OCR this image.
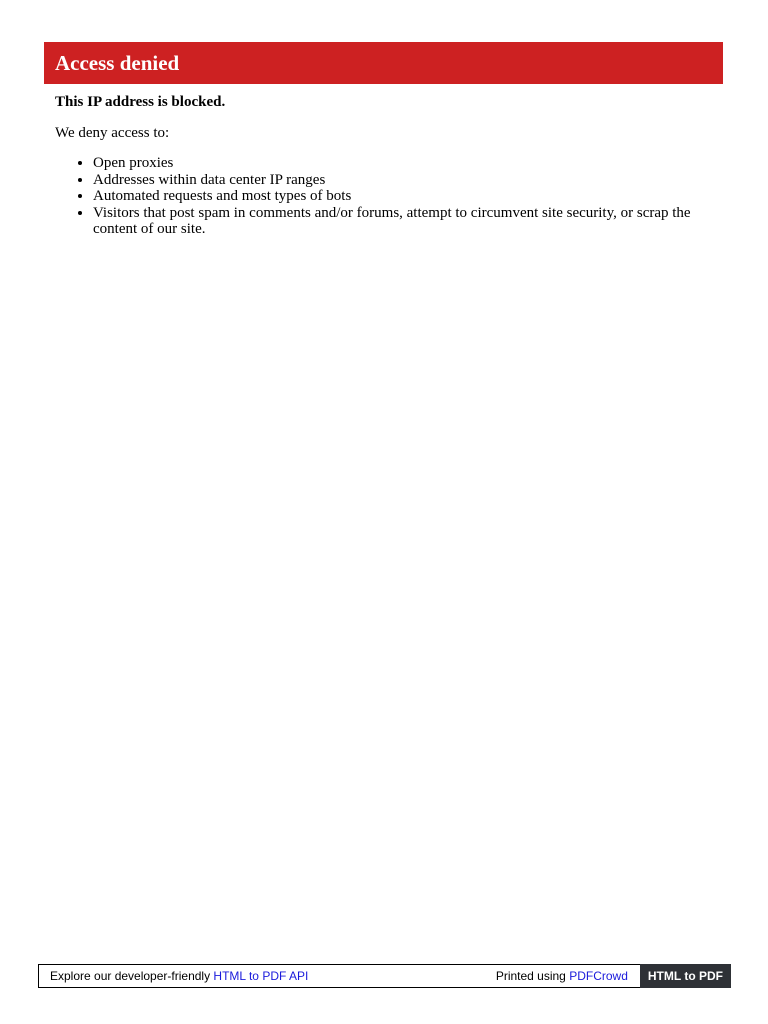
Access denied

This IP address is blocked.

We deny access to:

• Open proxies
• Addresses within data center IP ranges
• Automated requests and most types of bots
• Visitors that post spam in comments and/or forums, attempt to circumvent site security, or scrap the content of our site.
Explore our developer-friendly HTML to PDF API	Printed using PDFCrowd	HTML to PDF
